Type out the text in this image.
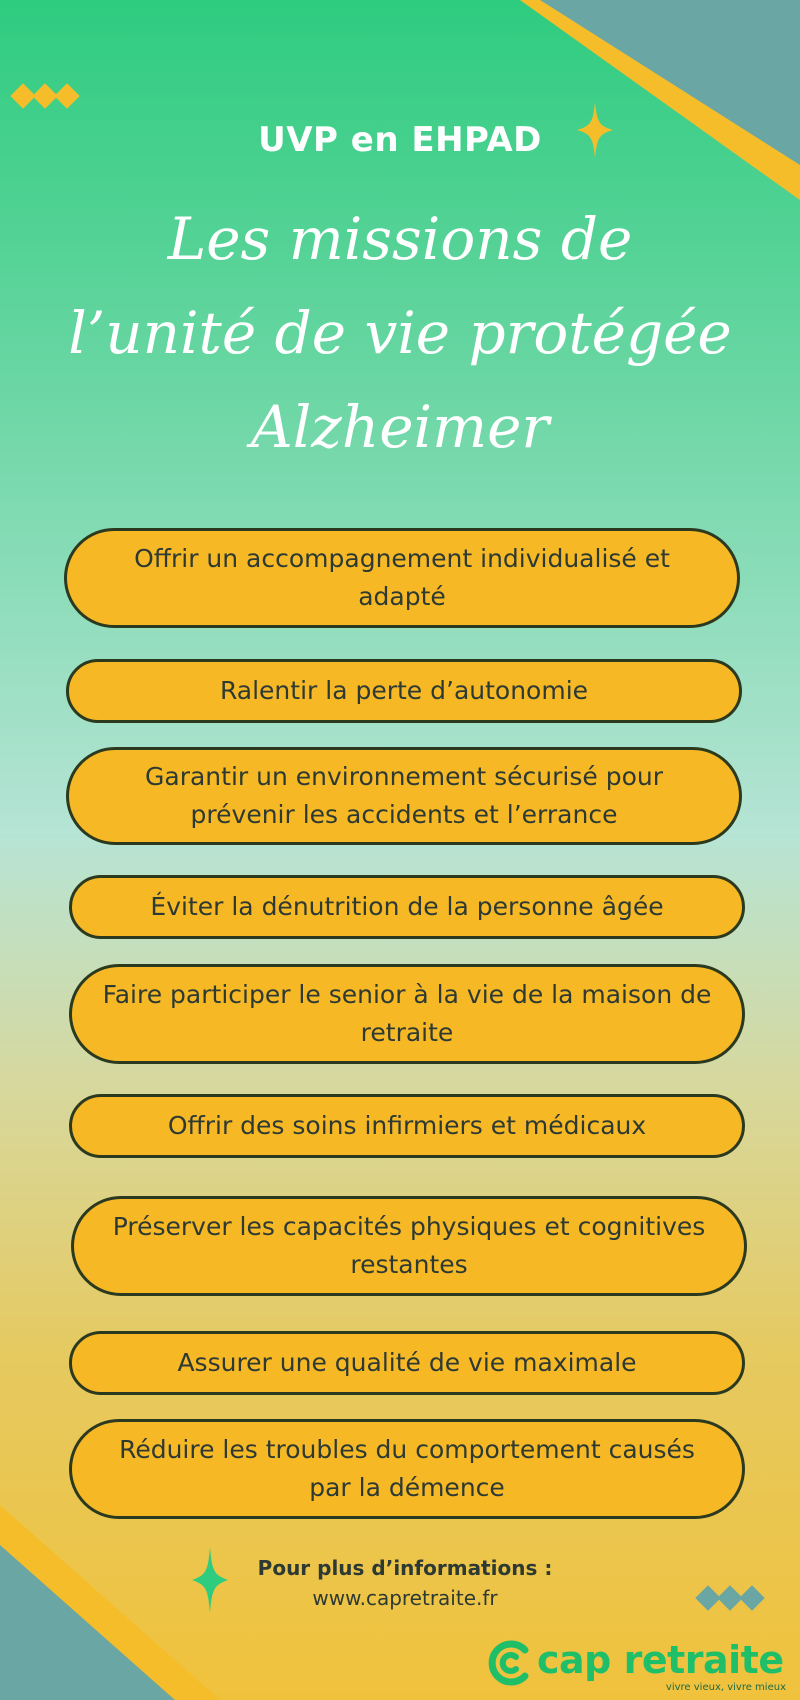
UVP en EHPAD
Les missions de
l’unité de vie protégée
Alzheimer
Offrir un accompagnement individualisé et adapté
Ralentir la perte d’autonomie
Garantir un environnement sécurisé pour prévenir les accidents et l’errance
Éviter la dénutrition de la personne âgée
Faire participer le senior à la vie de la maison de retraite
Offrir des soins infirmiers et médicaux
Préserver les capacités physiques et cognitives restantes
Assurer une qualité de vie maximale
Réduire les troubles du comportement causés par la démence
Pour plus d’informations :
www.capretraite.fr
cap retraite
vivre vieux, vivre mieux
